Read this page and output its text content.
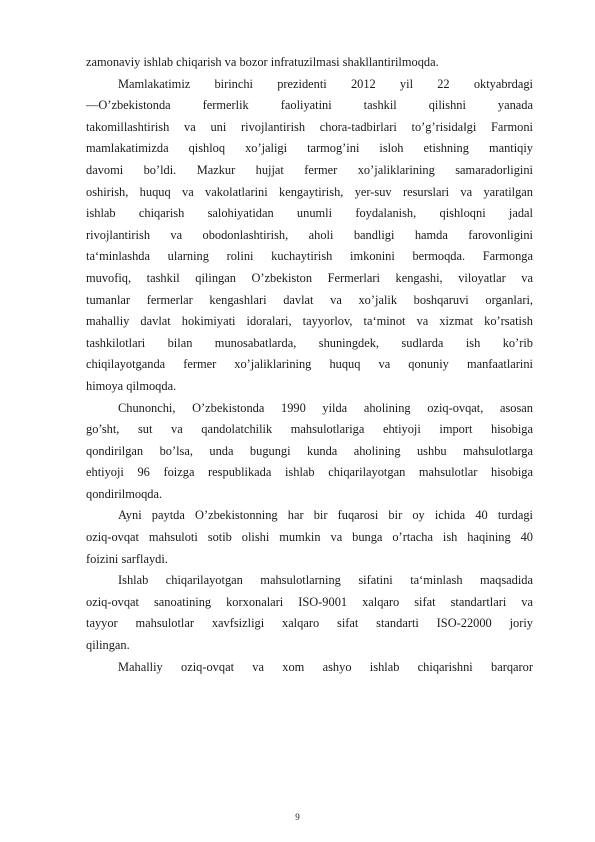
zamonaviy ishlab chiqarish va bozor infratuzilmasi shakllantirilmoqda.
Mamlakatimiz birinchi prezidenti 2012 yil 22 oktyabrdagi
―O’zbekistonda fermerlik faoliyatini tashkil qilishni yanada
takomillashtirish va uni rivojlantirish chora-tadbirlari to’g’risida‖gi Farmoni
mamlakatimizda qishloq xo’jaligi tarmog’ini isloh etishning mantiqiy
davomi bo’ldi. Mazkur hujjat fermer xo’jaliklarining samaradorligini
oshirish, huquq va vakolatlarini kengaytirish, yer-suv resurslari va yaratilgan
ishlab chiqarish salohiyatidan unumli foydalanish, qishloqni jadal
rivojlantirish va obodonlashtirish, aholi bandligi hamda farovonligini
ta‘minlashda ularning rolini kuchaytirish imkonini bermoqda. Farmonga
muvofiq, tashkil qilingan O’zbekiston Fermerlari kengashi, viloyatlar va
tumanlar fermerlar kengashlari davlat va xo’jalik boshqaruvi organlari,
mahalliy davlat hokimiyati idoralari, tayyorlov, ta‘minot va xizmat ko’rsatish
tashkilotlari bilan munosabatlarda, shuningdek, sudlarda ish ko’rib
chiqilayotganda fermer xo’jaliklarining huquq va qonuniy manfaatlarini
himoya qilmoqda.
Chunonchi, O’zbekistonda 1990 yilda aholining oziq-ovqat, asosan
go’sht, sut va qandolatchilik mahsulotlariga ehtiyoji import hisobiga
qondirilgan bo’lsa, unda bugungi kunda aholining ushbu mahsulotlarga
ehtiyoji 96 foizga respublikada ishlab chiqarilayotgan mahsulotlar hisobiga
qondirilmoqda.
Ayni paytda O’zbekistonning har bir fuqarosi bir oy ichida 40 turdagi
oziq-ovqat mahsuloti sotib olishi mumkin va bunga o’rtacha ish haqining 40
foizini sarflaydi.
Ishlab chiqarilayotgan mahsulotlarning sifatini ta‘minlash maqsadida
oziq-ovqat sanoatining korxonalari ISO-9001 xalqaro sifat standartlari va
tayyor mahsulotlar xavfsizligi xalqaro sifat standarti ISO-22000 joriy
qilingan.
Mahalliy oziq-ovqat va xom ashyo ishlab chiqarishni barqaror
9
